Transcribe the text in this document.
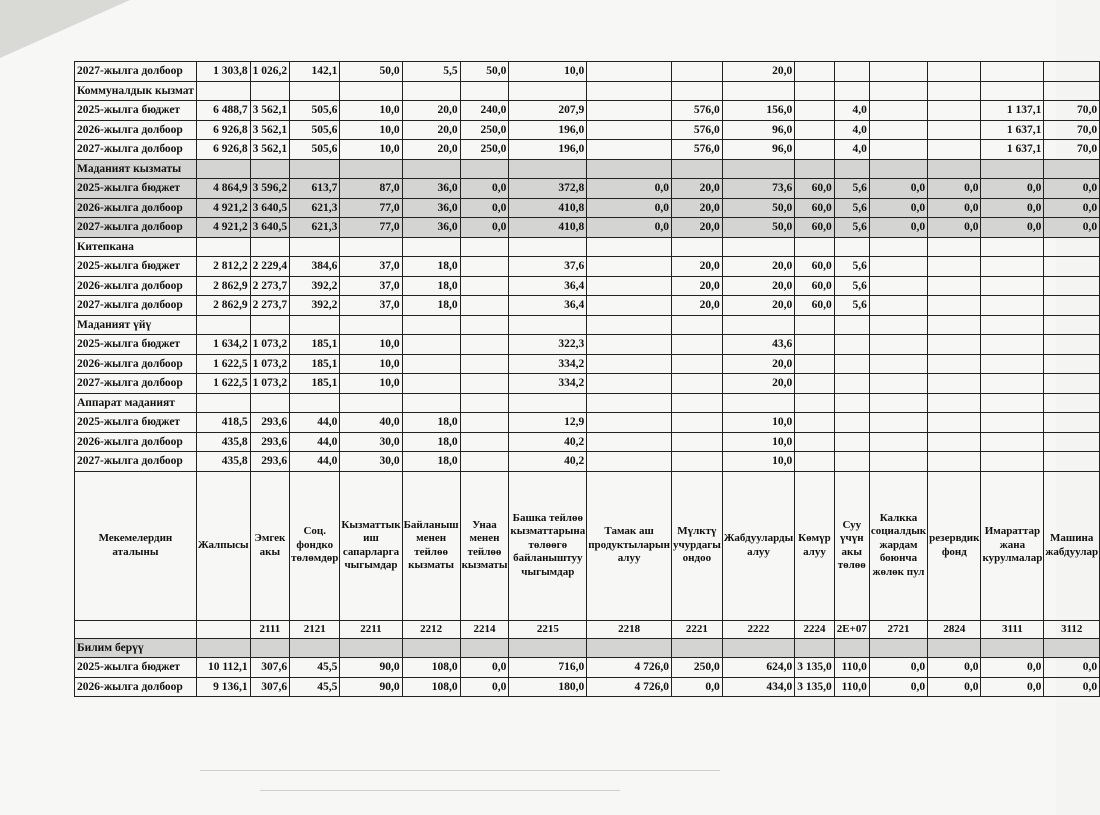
2027-жылга долбоор	1 303,8	1 026,2	142,1	50,0	5,5	50,0	10,0			20,0						
Коммуналдык кызмат																
2025-жылга бюджет	6 488,7	3 562,1	505,6	10,0	20,0	240,0	207,9		576,0	156,0		4,0			1 137,1	70,0
2026-жылга долбоор	6 926,8	3 562,1	505,6	10,0	20,0	250,0	196,0		576,0	96,0		4,0			1 637,1	70,0
2027-жылга долбоор	6 926,8	3 562,1	505,6	10,0	20,0	250,0	196,0		576,0	96,0		4,0			1 637,1	70,0
Маданият кызматы																
2025-жылга бюджет	4 864,9	3 596,2	613,7	87,0	36,0	0,0	372,8	0,0	20,0	73,6	60,0	5,6	0,0	0,0	0,0	0,0
2026-жылга долбоор	4 921,2	3 640,5	621,3	77,0	36,0	0,0	410,8	0,0	20,0	50,0	60,0	5,6	0,0	0,0	0,0	0,0
2027-жылга долбоор	4 921,2	3 640,5	621,3	77,0	36,0	0,0	410,8	0,0	20,0	50,0	60,0	5,6	0,0	0,0	0,0	0,0
Китепкана																
2025-жылга бюджет	2 812,2	2 229,4	384,6	37,0	18,0		37,6		20,0	20,0	60,0	5,6				
2026-жылга долбоор	2 862,9	2 273,7	392,2	37,0	18,0		36,4		20,0	20,0	60,0	5,6				
2027-жылга долбоор	2 862,9	2 273,7	392,2	37,0	18,0		36,4		20,0	20,0	60,0	5,6				
Маданият үйү																
2025-жылга бюджет	1 634,2	1 073,2	185,1	10,0			322,3			43,6						
2026-жылга долбоор	1 622,5	1 073,2	185,1	10,0			334,2			20,0						
2027-жылга долбоор	1 622,5	1 073,2	185,1	10,0			334,2			20,0						
Аппарат маданият																
2025-жылга бюджет	418,5	293,6	44,0	40,0	18,0		12,9			10,0						
2026-жылга долбоор	435,8	293,6	44,0	30,0	18,0		40,2			10,0						
2027-жылга долбоор	435,8	293,6	44,0	30,0	18,0		40,2			10,0						
Мекемелердин аталыны	Жалпысы	Эмгек акы	Соц. фондко төлөмдөр	Кызматтык иш сапарларга чыгымдар	Байланыш менен тейлөө кызматы	Унаа менен тейлөө кызматы	Башка тейлөө кызматтарына төлөөгө байланыштуу чыгымдар	Тамак аш продуктыларын алуу	Мүлктү учурдагы ондоо	Жабдууларды алуу	Көмүр алуу	Суу үчүн акы төлөө	Калкка социалдык жардам боюнча жөлөк пул	резервдик фонд	Имараттар жана курулмалар	Машина жабдуулар
		2111	2121	2211	2212	2214	2215	2218	2221	2222	2224	2Е+07	2721	2824	3111	3112
Билим берүү																
2025-жылга бюджет	10 112,1	307,6	45,5	90,0	108,0	0,0	716,0	4 726,0	250,0	624,0	3 135,0	110,0	0,0	0,0	0,0	0,0
2026-жылга долбоор	9 136,1	307,6	45,5	90,0	108,0	0,0	180,0	4 726,0	0,0	434,0	3 135,0	110,0	0,0	0,0	0,0	0,0
